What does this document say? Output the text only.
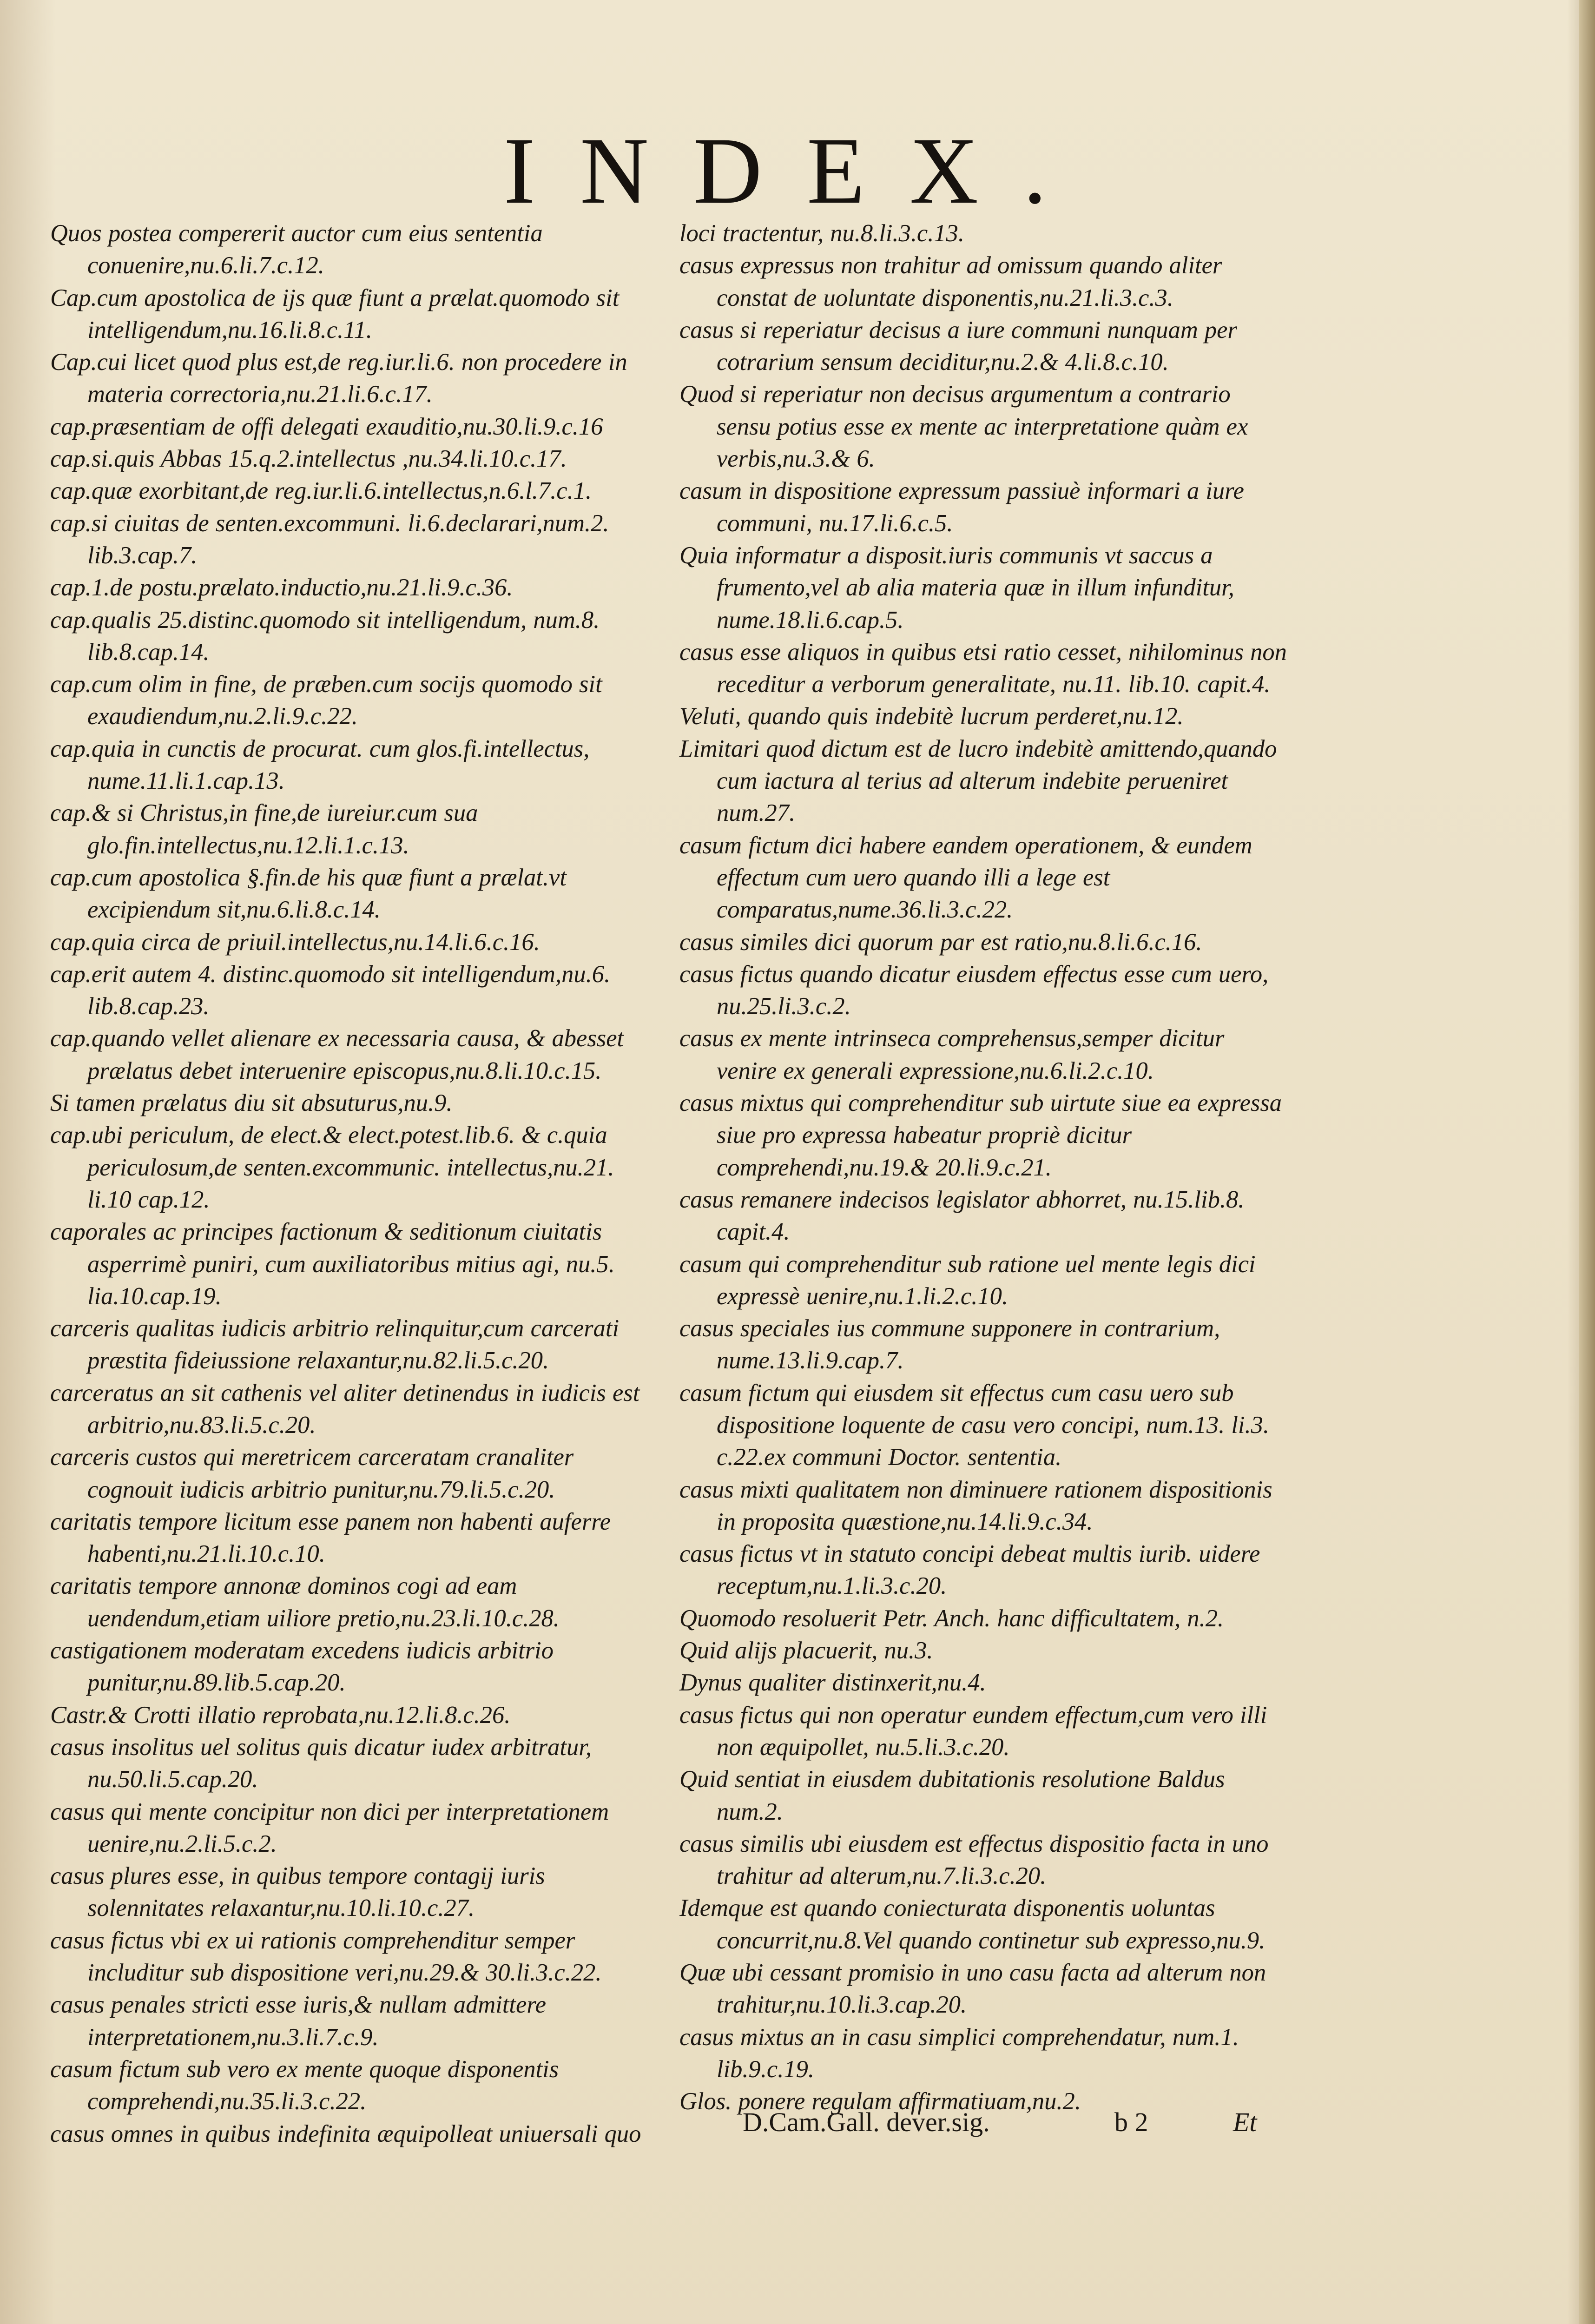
INDEX.

Quos postea compererit auctor cum eius sententia conuenire,nu.6.li.7.c.12.

Cap.cum apostolica de ijs quæ fiunt a prælat.quomodo sit intelligendum,nu.16.li.8.c.11.

Cap.cui licet quod plus est,de reg.iur.li.6. non procedere in materia correctoria,nu.21.li.6.c.17.

cap.præsentiam de offi delegati exauditio,nu.30.li.9.c.16

cap.si.quis Abbas 15.q.2.intellectus ,nu.34.li.10.c.17.

cap.quæ exorbitant,de reg.iur.li.6.intellectus,n.6.l.7.c.1.

cap.si ciuitas de senten.excommuni. li.6.declarari,num.2. lib.3.cap.7.

cap.1.de postu.prælato.inductio,nu.21.li.9.c.36.

cap.qualis 25.distinc.quomodo sit intelligendum, num.8. lib.8.cap.14.

cap.cum olim in fine, de præben.cum socijs quomodo sit exaudiendum,nu.2.li.9.c.22.

cap.quia in cunctis de procurat. cum glos.fi.intellectus, nume.11.li.1.cap.13.

cap.& si Christus,in fine,de iureiur.cum sua glo.fin.intellectus,nu.12.li.1.c.13.

cap.cum apostolica §.fin.de his quæ fiunt a prælat.vt excipiendum sit,nu.6.li.8.c.14.

cap.quia circa de priuil.intellectus,nu.14.li.6.c.16.

cap.erit autem 4. distinc.quomodo sit intelligendum,nu.6. lib.8.cap.23.

cap.quando vellet alienare ex necessaria causa, & abesset prælatus debet interuenire episcopus,nu.8.li.10.c.15.

Si tamen prælatus diu sit absuturus,nu.9.

cap.ubi periculum, de elect.& elect.potest.lib.6. & c.quia periculosum,de senten.excommunic. intellectus,nu.21. li.10 cap.12.

caporales ac principes factionum & seditionum ciuitatis asperrimè puniri, cum auxiliatoribus mitius agi, nu.5. lia.10.cap.19.

carceris qualitas iudicis arbitrio relinquitur,cum carcerati præstita fideiussione relaxantur,nu.82.li.5.c.20.

carceratus an sit cathenis vel aliter detinendus in iudicis est arbitrio,nu.83.li.5.c.20.

carceris custos qui meretricem carceratam cranaliter cognouit iudicis arbitrio punitur,nu.79.li.5.c.20.

caritatis tempore licitum esse panem non habenti auferre habenti,nu.21.li.10.c.10.

caritatis tempore annonæ dominos cogi ad eam uendendum,etiam uiliore pretio,nu.23.li.10.c.28.

castigationem moderatam excedens iudicis arbitrio punitur,nu.89.lib.5.cap.20.

Castr.& Crotti illatio reprobata,nu.12.li.8.c.26.

casus insolitus uel solitus quis dicatur iudex arbitratur, nu.50.li.5.cap.20.

casus qui mente concipitur non dici per interpretationem uenire,nu.2.li.5.c.2.

casus plures esse, in quibus tempore contagij iuris solennitates relaxantur,nu.10.li.10.c.27.

casus fictus vbi ex ui rationis comprehenditur semper includitur sub dispositione veri,nu.29.& 30.li.3.c.22.

casus penales stricti esse iuris,& nullam admittere interpretationem,nu.3.li.7.c.9.

casum fictum sub vero ex mente quoque disponentis comprehendi,nu.35.li.3.c.22.

casus omnes in quibus indefinita æquipolleat uniuersali quo

loci tractentur, nu.8.li.3.c.13.

casus expressus non trahitur ad omissum quando aliter constat de uoluntate disponentis,nu.21.li.3.c.3.

casus si reperiatur decisus a iure communi nunquam per cotrarium sensum deciditur,nu.2.& 4.li.8.c.10.

Quod si reperiatur non decisus argumentum a contrario sensu potius esse ex mente ac interpretatione quàm ex verbis,nu.3.& 6.

casum in dispositione expressum passiuè informari a iure communi, nu.17.li.6.c.5.

Quia informatur a disposit.iuris communis vt saccus a frumento,vel ab alia materia quæ in illum infunditur, nume.18.li.6.cap.5.

casus esse aliquos in quibus etsi ratio cesset, nihilominus non receditur a verborum generalitate, nu.11. lib.10. capit.4.

Veluti, quando quis indebitè lucrum perderet,nu.12.

Limitari quod dictum est de lucro indebitè amittendo,quando cum iactura al terius ad alterum indebite perueniret num.27.

casum fictum dici habere eandem operationem, & eundem effectum cum uero quando illi a lege est comparatus,nume.36.li.3.c.22.

casus similes dici quorum par est ratio,nu.8.li.6.c.16.

casus fictus quando dicatur eiusdem effectus esse cum uero, nu.25.li.3.c.2.

casus ex mente intrinseca comprehensus,semper dicitur venire ex generali expressione,nu.6.li.2.c.10.

casus mixtus qui comprehenditur sub uirtute siue ea expressa siue pro expressa habeatur propriè dicitur comprehendi,nu.19.& 20.li.9.c.21.

casus remanere indecisos legislator abhorret, nu.15.lib.8. capit.4.

casum qui comprehenditur sub ratione uel mente legis dici expressè uenire,nu.1.li.2.c.10.

casus speciales ius commune supponere in contrarium, nume.13.li.9.cap.7.

casum fictum qui eiusdem sit effectus cum casu uero sub dispositione loquente de casu vero concipi, num.13. li.3. c.22.ex communi Doctor. sententia.

casus mixti qualitatem non diminuere rationem dispositionis in proposita quæstione,nu.14.li.9.c.34.

casus fictus vt in statuto concipi debeat multis iurib. uidere receptum,nu.1.li.3.c.20.

Quomodo resoluerit Petr. Anch. hanc difficultatem, n.2.

Quid alijs placuerit, nu.3.

Dynus qualiter distinxerit,nu.4.

casus fictus qui non operatur eundem effectum,cum vero illi non æquipollet, nu.5.li.3.c.20.

Quid sentiat in eiusdem dubitationis resolutione Baldus num.2.

casus similis ubi eiusdem est effectus dispositio facta in uno trahitur ad alterum,nu.7.li.3.c.20.

Idemque est quando coniecturata disponentis uoluntas concurrit,nu.8.Vel quando continetur sub expresso,nu.9.

Quæ ubi cessant promisio in uno casu facta ad alterum non trahitur,nu.10.li.3.cap.20.

casus mixtus an in casu simplici comprehendatur, num.1. lib.9.c.19.

Glos. ponere regulam affirmatiuam,nu.2.

D.Cam.Gall. dever.sig.	b 2	Et
